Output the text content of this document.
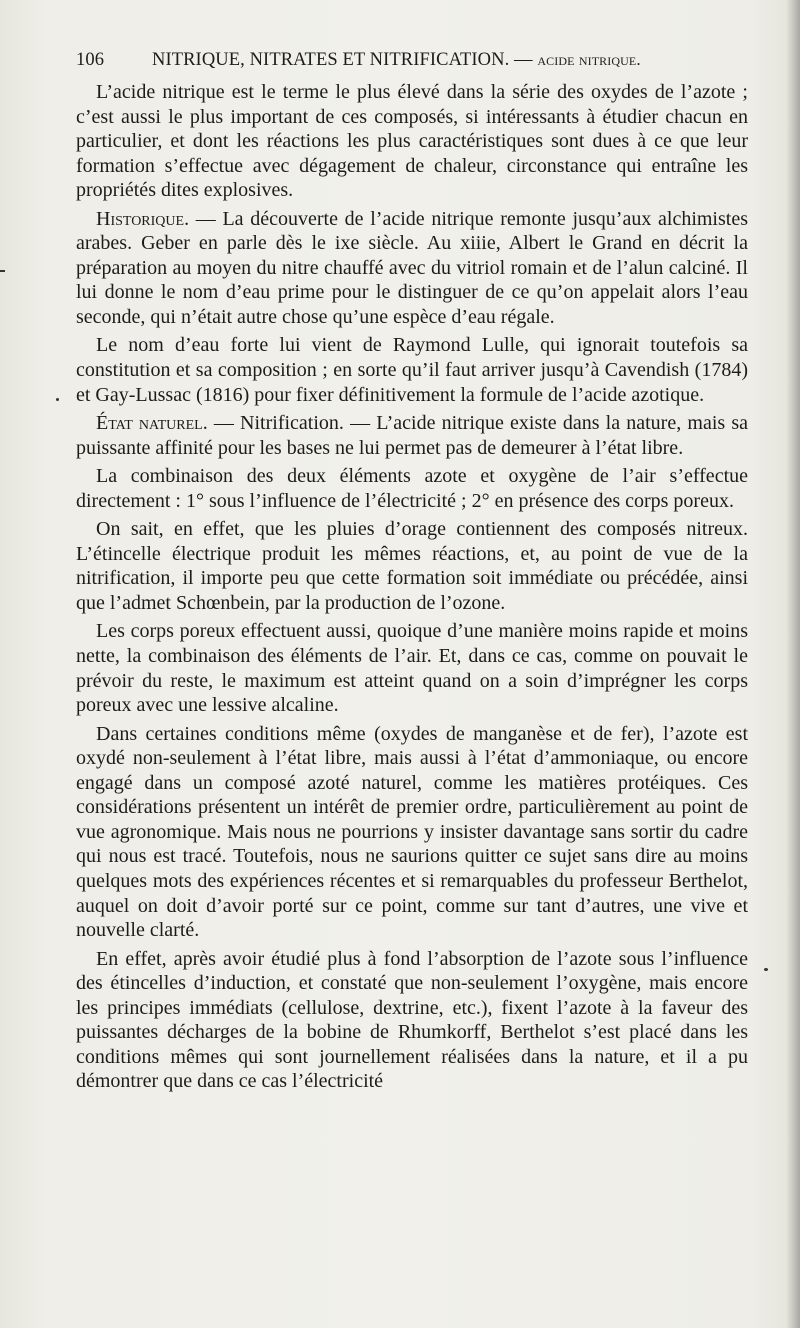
106	NITRIQUE, NITRATES ET NITRIFICATION. — acide nitrique.

L’acide nitrique est le terme le plus élevé dans la série des oxydes de l’azote ; c’est aussi le plus important de ces composés, si intéressants à étudier chacun en particulier, et dont les réactions les plus caractéristiques sont dues à ce que leur formation s’effectue avec dégagement de chaleur, circonstance qui entraîne les propriétés dites explosives.

Historique. — La découverte de l’acide nitrique remonte jusqu’aux alchimistes arabes. Geber en parle dès le ixe siècle. Au xiiie, Albert le Grand en décrit la préparation au moyen du nitre chauffé avec du vitriol romain et de l’alun calciné. Il lui donne le nom d’eau prime pour le distinguer de ce qu’on appelait alors l’eau seconde, qui n’était autre chose qu’une espèce d’eau régale.

Le nom d’eau forte lui vient de Raymond Lulle, qui ignorait toutefois sa constitution et sa composition ; en sorte qu’il faut arriver jusqu’à Cavendish (1784) et Gay-Lussac (1816) pour fixer définitivement la formule de l’acide azotique.

État naturel. — Nitrification. — L’acide nitrique existe dans la nature, mais sa puissante affinité pour les bases ne lui permet pas de demeurer à l’état libre.

La combinaison des deux éléments azote et oxygène de l’air s’effectue directement : 1° sous l’influence de l’électricité ; 2° en présence des corps poreux.

On sait, en effet, que les pluies d’orage contiennent des composés nitreux. L’étincelle électrique produit les mêmes réactions, et, au point de vue de la nitrification, il importe peu que cette formation soit immédiate ou précédée, ainsi que l’admet Schœnbein, par la production de l’ozone.

Les corps poreux effectuent aussi, quoique d’une manière moins rapide et moins nette, la combinaison des éléments de l’air. Et, dans ce cas, comme on pouvait le prévoir du reste, le maximum est atteint quand on a soin d’imprégner les corps poreux avec une lessive alcaline.

Dans certaines conditions même (oxydes de manganèse et de fer), l’azote est oxydé non-seulement à l’état libre, mais aussi à l’état d’ammoniaque, ou encore engagé dans un composé azoté naturel, comme les matières protéiques. Ces considérations présentent un intérêt de premier ordre, particulièrement au point de vue agronomique. Mais nous ne pourrions y insister davantage sans sortir du cadre qui nous est tracé. Toutefois, nous ne saurions quitter ce sujet sans dire au moins quelques mots des expériences récentes et si remarquables du professeur Berthelot, auquel on doit d’avoir porté sur ce point, comme sur tant d’autres, une vive et nouvelle clarté.

En effet, après avoir étudié plus à fond l’absorption de l’azote sous l’influence des étincelles d’induction, et constaté que non-seulement l’oxygène, mais encore les principes immédiats (cellulose, dextrine, etc.), fixent l’azote à la faveur des puissantes décharges de la bobine de Rhumkorff, Berthelot s’est placé dans les conditions mêmes qui sont journellement réalisées dans la nature, et il a pu démontrer que dans ce cas l’électricité
